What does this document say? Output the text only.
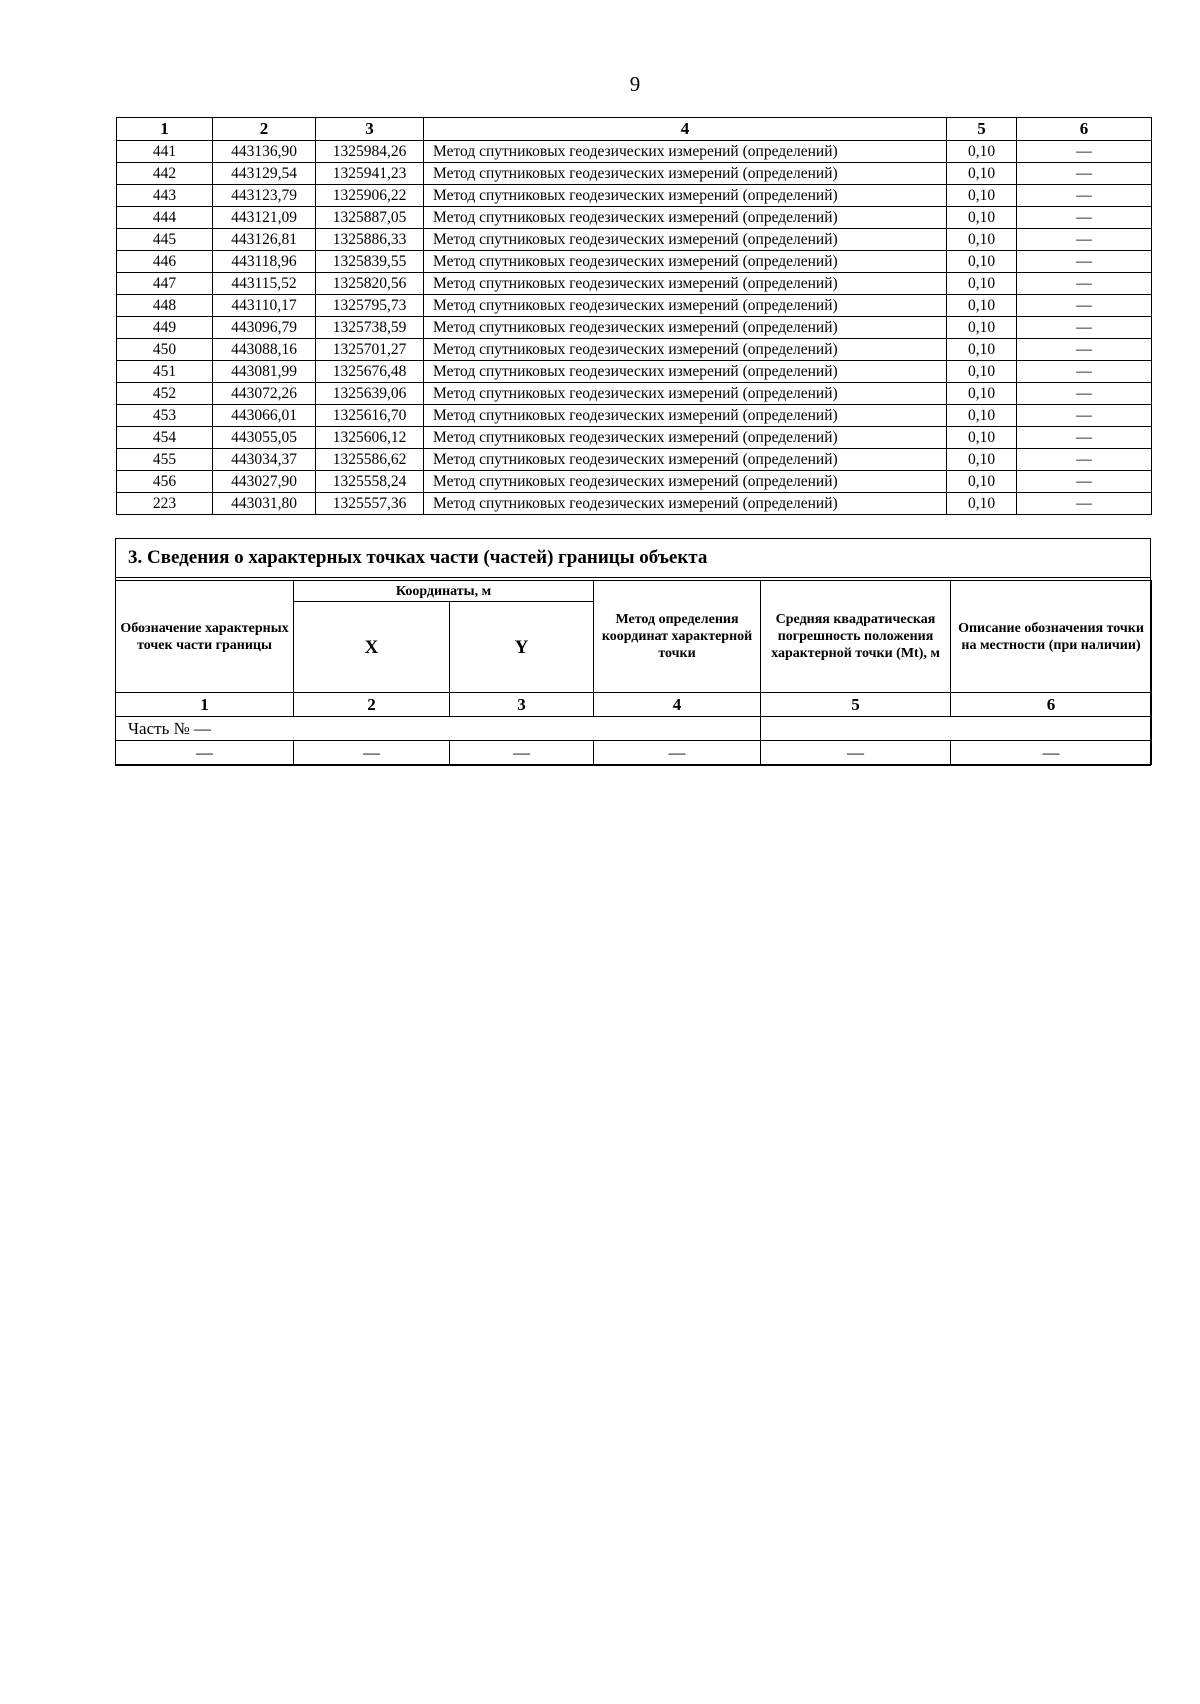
9
1	2	3	4	5	6
441	443136,90	1325984,26	Метод спутниковых геодезических измерений (определений)	0,10	—
442	443129,54	1325941,23	Метод спутниковых геодезических измерений (определений)	0,10	—
443	443123,79	1325906,22	Метод спутниковых геодезических измерений (определений)	0,10	—
444	443121,09	1325887,05	Метод спутниковых геодезических измерений (определений)	0,10	—
445	443126,81	1325886,33	Метод спутниковых геодезических измерений (определений)	0,10	—
446	443118,96	1325839,55	Метод спутниковых геодезических измерений (определений)	0,10	—
447	443115,52	1325820,56	Метод спутниковых геодезических измерений (определений)	0,10	—
448	443110,17	1325795,73	Метод спутниковых геодезических измерений (определений)	0,10	—
449	443096,79	1325738,59	Метод спутниковых геодезических измерений (определений)	0,10	—
450	443088,16	1325701,27	Метод спутниковых геодезических измерений (определений)	0,10	—
451	443081,99	1325676,48	Метод спутниковых геодезических измерений (определений)	0,10	—
452	443072,26	1325639,06	Метод спутниковых геодезических измерений (определений)	0,10	—
453	443066,01	1325616,70	Метод спутниковых геодезических измерений (определений)	0,10	—
454	443055,05	1325606,12	Метод спутниковых геодезических измерений (определений)	0,10	—
455	443034,37	1325586,62	Метод спутниковых геодезических измерений (определений)	0,10	—
456	443027,90	1325558,24	Метод спутниковых геодезических измерений (определений)	0,10	—
223	443031,80	1325557,36	Метод спутниковых геодезических измерений (определений)	0,10	—
3. Сведения о характерных точках части (частей) границы объекта
Обозначение характерных точек части границы	Координаты, м		Метод определения координат характерной точки	Средняя квадратическая погрешность положения характерной точки (Mt), м	Описание обозначения точки на местности (при наличии)
	X	Y			
1	2	3	4	5	6
Часть № —					
—	—	—	—	—	—
